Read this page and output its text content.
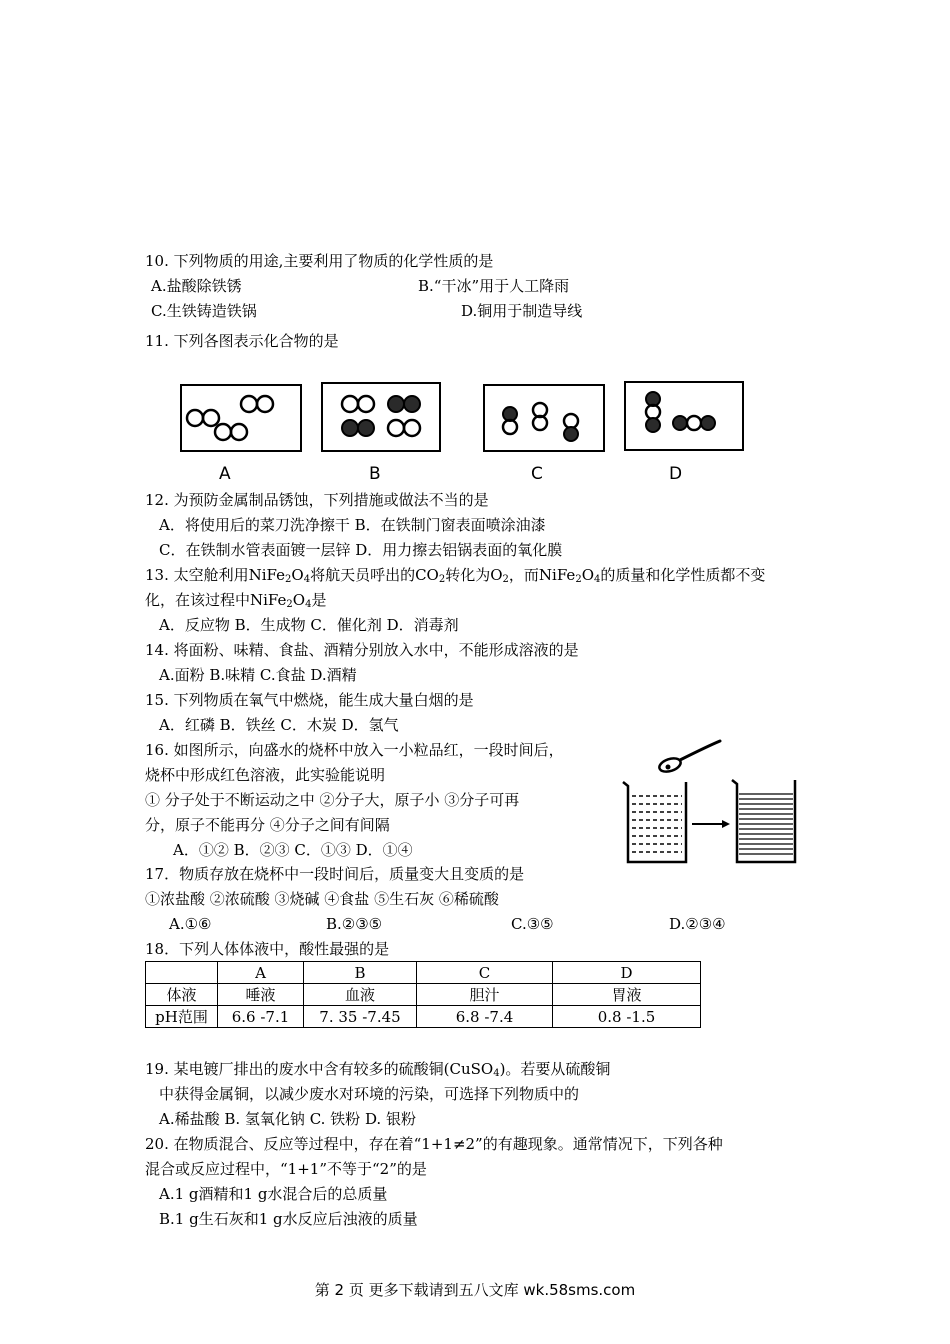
10. 下列物质的用途,主要利用了物质的化学性质的是
A.盐酸除铁锈	B.“干冰”用于人工降雨
C.生铁铸造铁锅	D.铜用于制造导线
11. 下列各图表示化合物的是
A	B	C	D
12. 为预防金属制品锈蚀，下列措施或做法不当的是
A．将使用后的菜刀洗净擦干 B．在铁制门窗表面喷涂油漆
C．在铁制水管表面镀一层锌 D．用力擦去铝锅表面的氧化膜
13. 太空舱利用$NiFe_2O_4$将航天员呼出的$CO_2$转化为$O_2$，而$NiFe_2O_4$的质量和化学性质都不变
化，在该过程中$NiFe_2O_4$是
A．反应物 B．生成物 C．催化剂 D．消毒剂
14. 将面粉、味精、食盐、酒精分别放入水中，不能形成溶液的是
A.面粉 B.味精 C.食盐 D.酒精
15. 下列物质在氧气中燃烧，能生成大量白烟的是
A．红磷 B．铁丝 C．木炭 D．氢气
16. 如图所示，向盛水的烧杯中放入一小粒品红，一段时间后，
烧杯中形成红色溶液，此实验能说明
① 分子处于不断运动之中 ②分子大，原子小 ③分子可再
分，原子不能再分 ④分子之间有间隔
A．①② B．②③ C．①③ D．①④
17．物质存放在烧杯中一段时间后，质量变大且变质的是
①浓盐酸 ②浓硫酸 ③烧碱 ④食盐 ⑤生石灰 ⑥稀硫酸
A.①⑥	B.②③⑤	C.③⑤	D.②③④
18．下列人体体液中，酸性最强的是
	A	B	C	D
体液	唾液	血液	胆汁	胃液
pH范围	6.6 -7.1	7. 35 -7.45	6.8 -7.4	0.8 -1.5
19. 某电镀厂排出的废水中含有较多的硫酸铜(CuSO$_4$)。若要从硫酸铜
中获得金属铜，以减少废水对环境的污染，可选择下列物质中的
A.稀盐酸 B. 氢氧化钠 C. 铁粉 D. 银粉
20. 在物质混合、反应等过程中，存在着“1+1≠2”的有趣现象。通常情况下，下列各种
混合或反应过程中，“1+1”不等于“2”的是
A.1 g酒精和1 g水混合后的总质量
B.1 g生石灰和1 g水反应后浊液的质量
第 2 页 更多下载请到五八文库 wk.58sms.com
